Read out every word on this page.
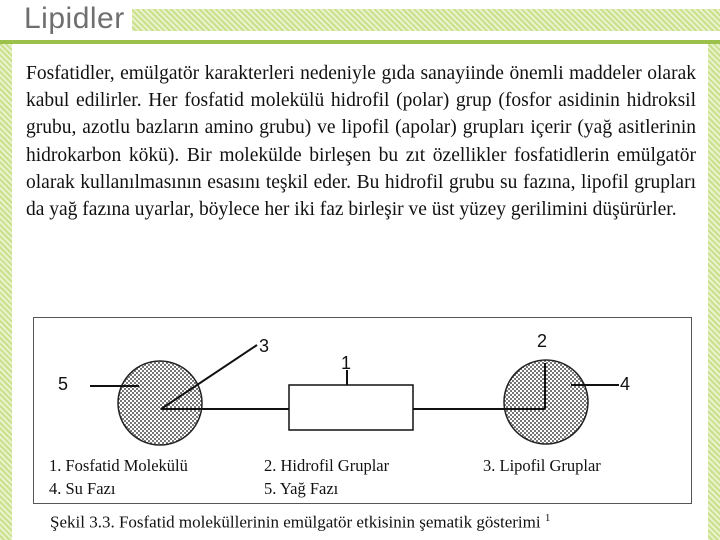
Lipidler

Fosfatidler, emülgatör karakterleri nedeniyle gıda sanayiinde önemli maddeler olarak kabul edilirler. Her fosfatid molekülü hidrofil (polar) grup (fosfor asidinin hidroksil grubu, azotlu bazların amino grubu) ve lipofil (apolar) grupları içerir (yağ asitlerinin hidrokarbon kökü). Bir molekülde birleşen bu zıt özellikler fosfatidlerin emülgatör olarak kullanılmasının esasını teşkil eder. Bu hidrofil grubu su fazına, lipofil grupları da yağ fazına uyarlar, böylece her iki faz birleşir ve üst yüzey gerilimini düşürürler.

3
1
2
5	4
1. Fosfatid Molekülü
4. Su Fazı
2. Hidrofil Gruplar
5. Yağ Fazı
3. Lipofil Gruplar
Şekil 3.3. Fosfatid moleküllerinin emülgatör etkisinin şematik gösterimi $^1$
